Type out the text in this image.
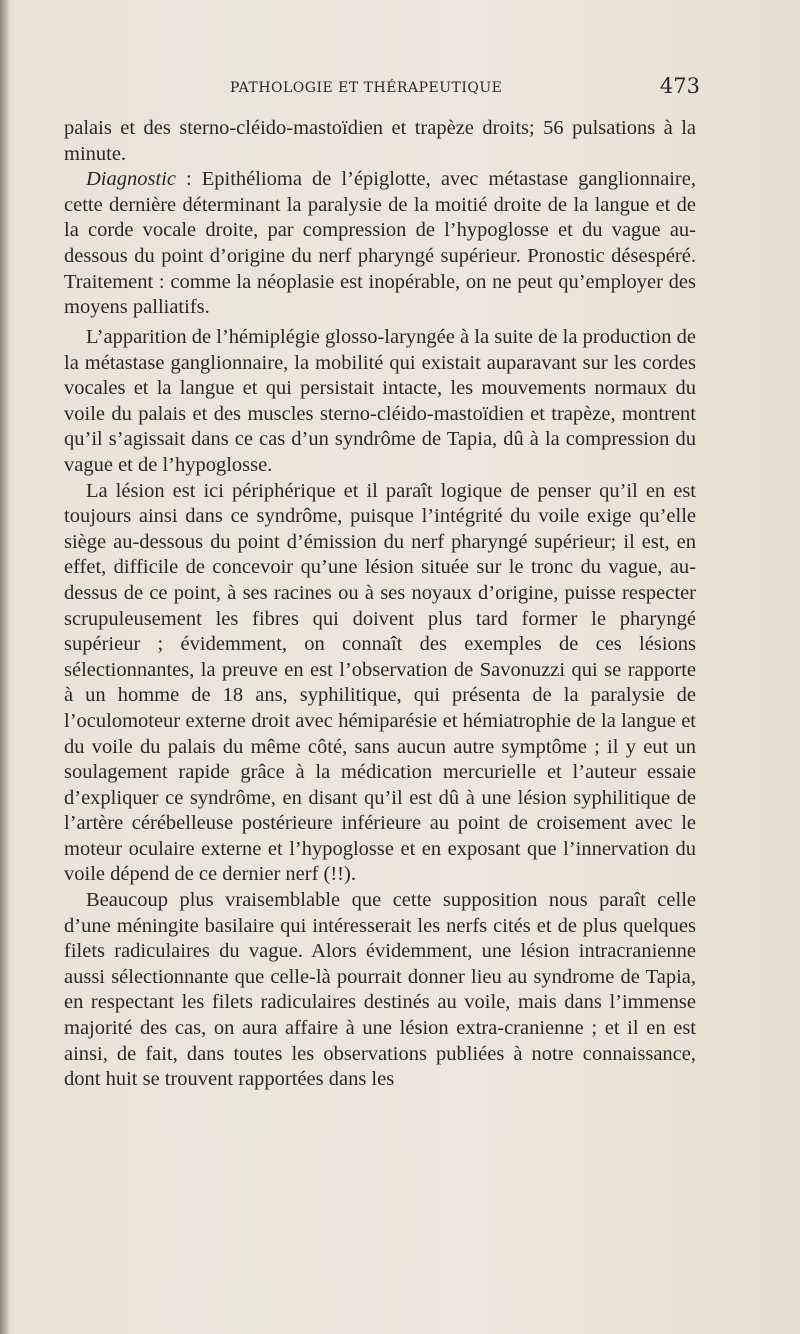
PATHOLOGIE ET THÉRAPEUTIQUE	473

palais et des sterno-cléido-mastoïdien et trapèze droits; 56 pulsations à la minute.

Diagnostic : Epithélioma de l’épiglotte, avec métastase ganglionnaire, cette dernière déterminant la paralysie de la moitié droite de la langue et de la corde vocale droite, par compression de l’hypoglosse et du vague au-dessous du point d’origine du nerf pharyngé supérieur. Pronostic désespéré. Traitement : comme la néoplasie est inopérable, on ne peut qu’employer des moyens palliatifs.

L’apparition de l’hémiplégie glosso-laryngée à la suite de la production de la métastase ganglionnaire, la mobilité qui existait auparavant sur les cordes vocales et la langue et qui persistait intacte, les mouvements normaux du voile du palais et des muscles sterno-cléido-mastoïdien et trapèze, montrent qu’il s’agissait dans ce cas d’un syndrôme de Tapia, dû à la compression du vague et de l’hypoglosse.

La lésion est ici périphérique et il paraît logique de penser qu’il en est toujours ainsi dans ce syndrôme, puisque l’intégrité du voile exige qu’elle siège au-dessous du point d’émission du nerf pharyngé supérieur; il est, en effet, difficile de concevoir qu’une lésion située sur le tronc du vague, au-dessus de ce point, à ses racines ou à ses noyaux d’origine, puisse respecter scrupuleusement les fibres qui doivent plus tard former le pharyngé supérieur ; évidemment, on connaît des exemples de ces lésions sélectionnantes, la preuve en est l’observation de Savonuzzi qui se rapporte à un homme de 18 ans, syphilitique, qui présenta de la paralysie de l’oculomoteur externe droit avec hémiparésie et hémiatrophie de la langue et du voile du palais du même côté, sans aucun autre symptôme ; il y eut un soulagement rapide grâce à la médication mercurielle et l’auteur essaie d’expliquer ce syndrôme, en disant qu’il est dû à une lésion syphilitique de l’artère cérébelleuse postérieure inférieure au point de croisement avec le moteur oculaire externe et l’hypoglosse et en exposant que l’innervation du voile dépend de ce dernier nerf (!!).

Beaucoup plus vraisemblable que cette supposition nous paraît celle d’une méningite basilaire qui intéresserait les nerfs cités et de plus quelques filets radiculaires du vague. Alors évidemment, une lésion intracranienne aussi sélectionnante que celle-là pourrait donner lieu au syndrome de Tapia, en respectant les filets radiculaires destinés au voile, mais dans l’immense majorité des cas, on aura affaire à une lésion extra-cranienne ; et il en est ainsi, de fait, dans toutes les observations publiées à notre connaissance, dont huit se trouvent rapportées dans les
